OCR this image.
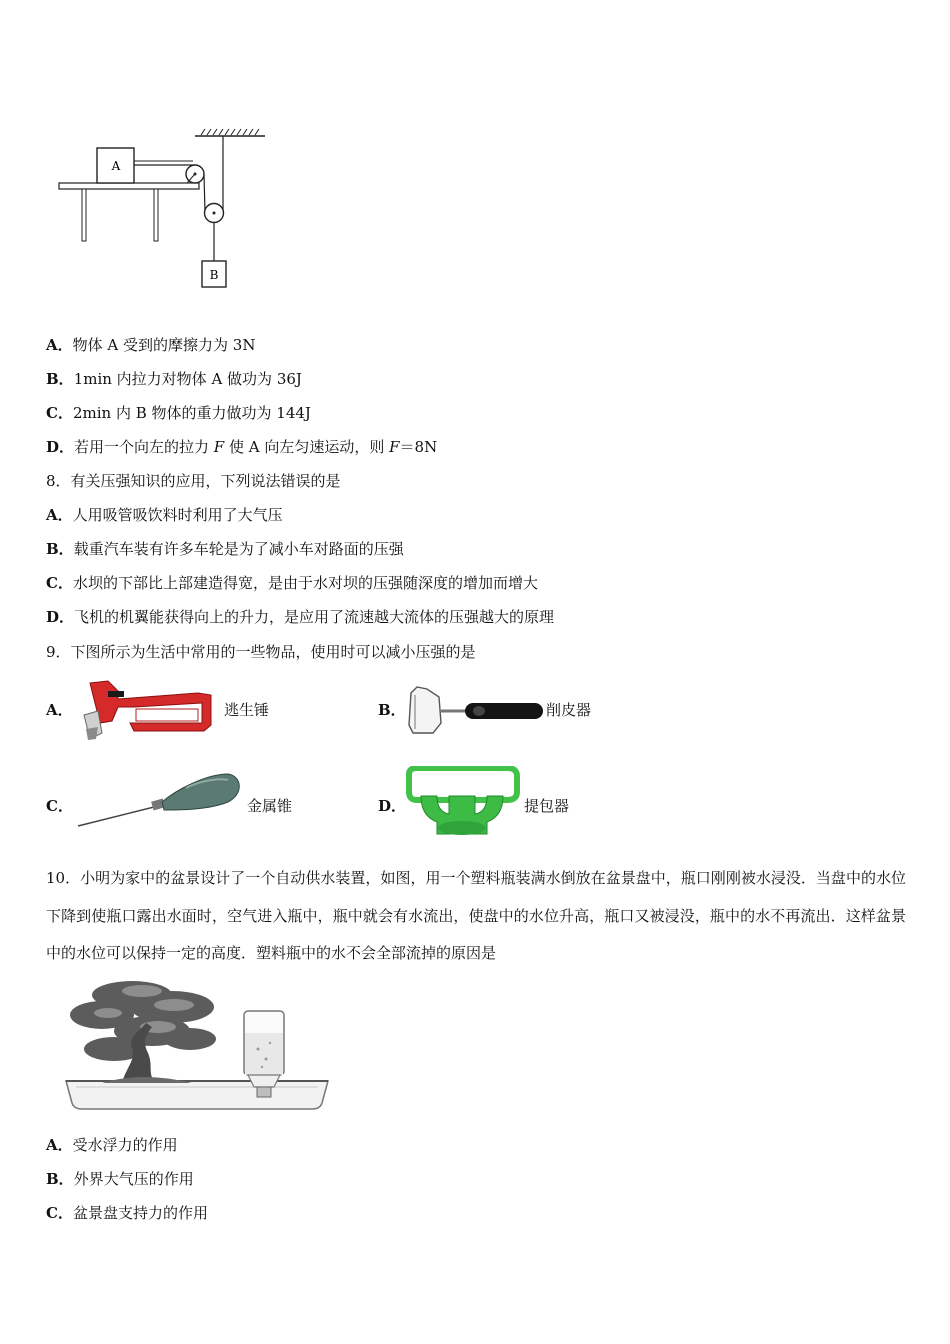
A
B
A．物体 A 受到的摩擦力为 3N
B．1min 内拉力对物体 A 做功为 36J
C．2min 内 B 物体的重力做功为 144J
D．若用一个向左的拉力 F 使 A 向左匀速运动，则 F＝8N
8．有关压强知识的应用，下列说法错误的是
A．人用吸管吸饮料时利用了大气压
B．载重汽车装有许多车轮是为了减小车对路面的压强
C．水坝的下部比上部建造得宽，是由于水对坝的压强随深度的增加而增大
D．飞机的机翼能获得向上的升力，是应用了流速越大流体的压强越大的原理
9．下图所示为生活中常用的一些物品，使用时可以减小压强的是
A．	逃生锤	B．	削皮器
C．	金属锥	D．	提包器
10．小明为家中的盆景设计了一个自动供水装置，如图，用一个塑料瓶装满水倒放在盆景盘中，瓶口刚刚被水浸没．当盘中的水位下降到使瓶口露出水面时，空气进入瓶中，瓶中就会有水流出，使盘中的水位升高，瓶口又被浸没，瓶中的水不再流出．这样盆景中的水位可以保持一定的高度．塑料瓶中的水不会全部流掉的原因是
A．受水浮力的作用
B．外界大气压的作用
C．盆景盘支持力的作用
